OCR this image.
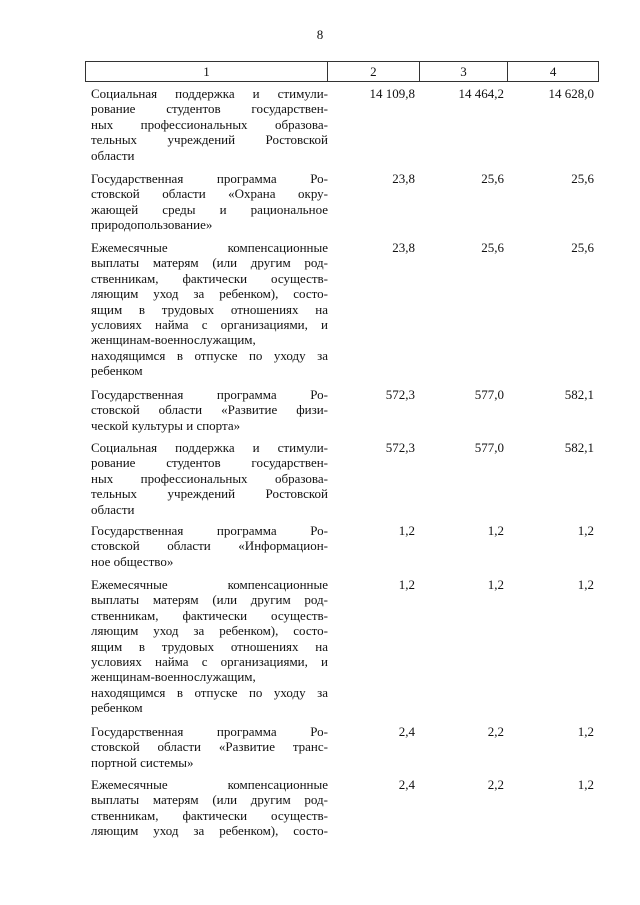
8
1	2	3	4
Социальная поддержка и стимули-
рование студентов государствен-
ных профессиональных образова-
тельных учреждений Ростовской
области
14 109,8	14 464,2	14 628,0
Государственная программа Ро-
стовской области «Охрана окру-
жающей среды и рациональное
природопользование»
23,8	25,6	25,6
Ежемесячные компенсационные
выплаты матерям (или другим род-
ственникам, фактически осуществ-
ляющим уход за ребенком), состо-
ящим в трудовых отношениях на
условиях найма с организациями, и
женщинам-военнослужащим,
находящимся в отпуске по уходу за
ребенком
23,8	25,6	25,6
Государственная программа Ро-
стовской области «Развитие физи-
ческой культуры и спорта»
572,3	577,0	582,1
Социальная поддержка и стимули-
рование студентов государствен-
ных профессиональных образова-
тельных учреждений Ростовской
области
572,3	577,0	582,1
Государственная программа Ро-
стовской области «Информацион-
ное общество»
1,2	1,2	1,2
Ежемесячные компенсационные
выплаты матерям (или другим род-
ственникам, фактически осуществ-
ляющим уход за ребенком), состо-
ящим в трудовых отношениях на
условиях найма с организациями, и
женщинам-военнослужащим,
находящимся в отпуске по уходу за
ребенком
1,2	1,2	1,2
Государственная программа Ро-
стовской области «Развитие транс-
портной системы»
2,4	2,2	1,2
Ежемесячные компенсационные
выплаты матерям (или другим род-
ственникам, фактически осуществ-
ляющим уход за ребенком), состо-
2,4	2,2	1,2
